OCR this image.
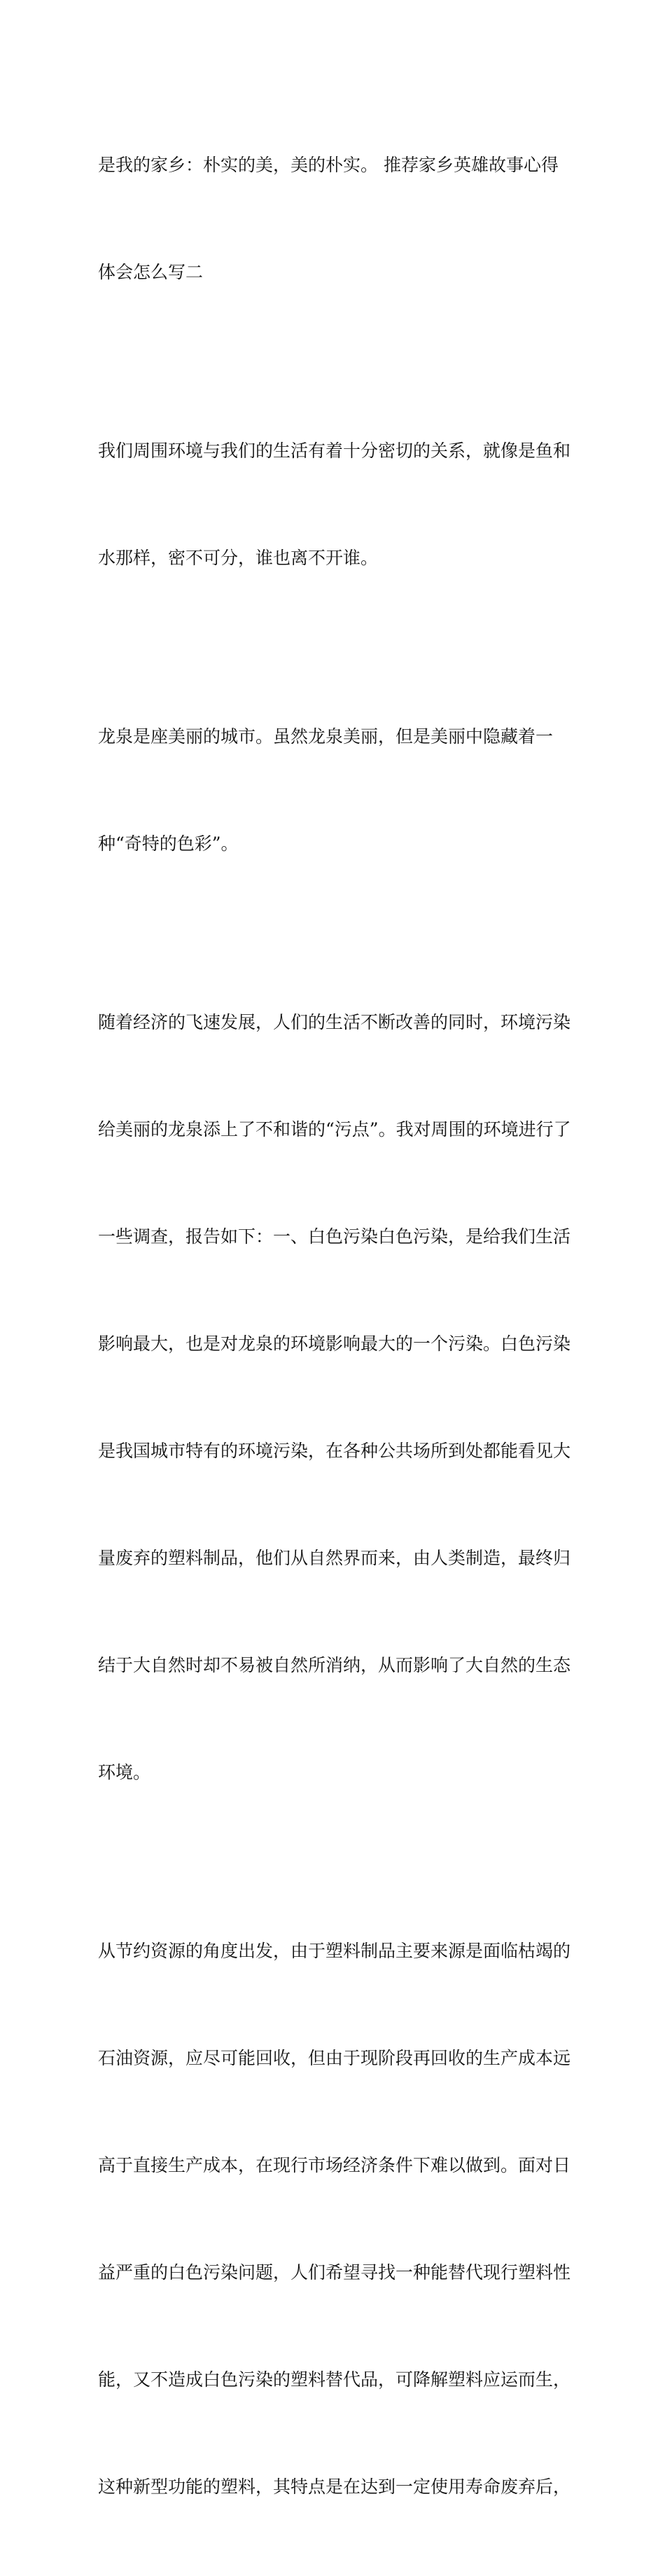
是我的家乡：朴实的美，美的朴实。 推荐家乡英雄故事心得

体会怎么写二

我们周围环境与我们的生活有着十分密切的关系，就像是鱼和

水那样，密不可分，谁也离不开谁。

龙泉是座美丽的城市。虽然龙泉美丽，但是美丽中隐藏着一

种“奇特的色彩”。

随着经济的飞速发展，人们的生活不断改善的同时，环境污染

给美丽的龙泉添上了不和谐的“污点”。我对周围的环境进行了

一些调查，报告如下：一、白色污染白色污染，是给我们生活

影响最大，也是对龙泉的环境影响最大的一个污染。白色污染

是我国城市特有的环境污染，在各种公共场所到处都能看见大

量废弃的塑料制品，他们从自然界而来，由人类制造，最终归

结于大自然时却不易被自然所消纳，从而影响了大自然的生态

环境。

从节约资源的角度出发，由于塑料制品主要来源是面临枯竭的

石油资源，应尽可能回收，但由于现阶段再回收的生产成本远

高于直接生产成本，在现行市场经济条件下难以做到。面对日

益严重的白色污染问题，人们希望寻找一种能替代现行塑料性

能，又不造成白色污染的塑料替代品，可降解塑料应运而生，

这种新型功能的塑料，其特点是在达到一定使用寿命废弃后，
